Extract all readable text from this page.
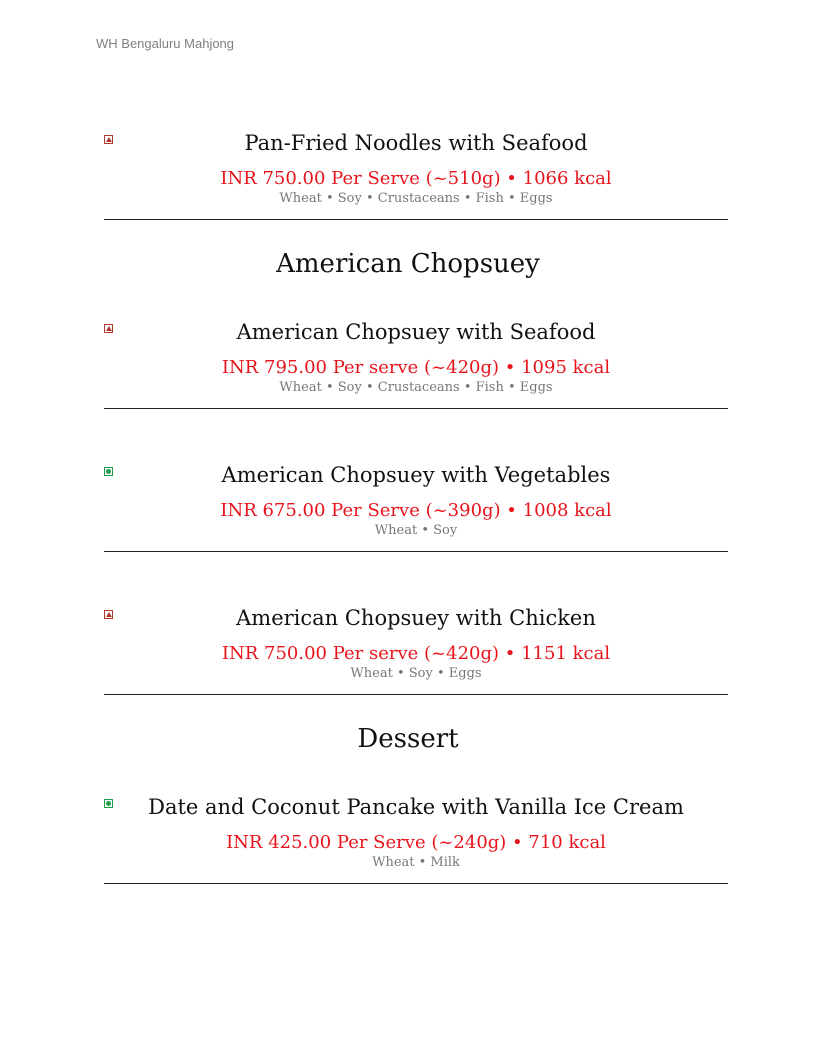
WH Bengaluru Mahjong
Pan-Fried Noodles with Seafood
INR 750.00 Per Serve (~510g) • 1066 kcal
Wheat • Soy • Crustaceans • Fish • Eggs
American Chopsuey
American Chopsuey with Seafood
INR 795.00 Per serve (~420g) • 1095 kcal
Wheat • Soy • Crustaceans • Fish • Eggs
American Chopsuey with Vegetables
INR 675.00 Per Serve (~390g) • 1008 kcal
Wheat • Soy
American Chopsuey with Chicken
INR 750.00 Per serve (~420g) • 1151 kcal
Wheat • Soy • Eggs
Dessert
Date and Coconut Pancake with Vanilla Ice Cream
INR 425.00 Per Serve (~240g) • 710 kcal
Wheat • Milk
